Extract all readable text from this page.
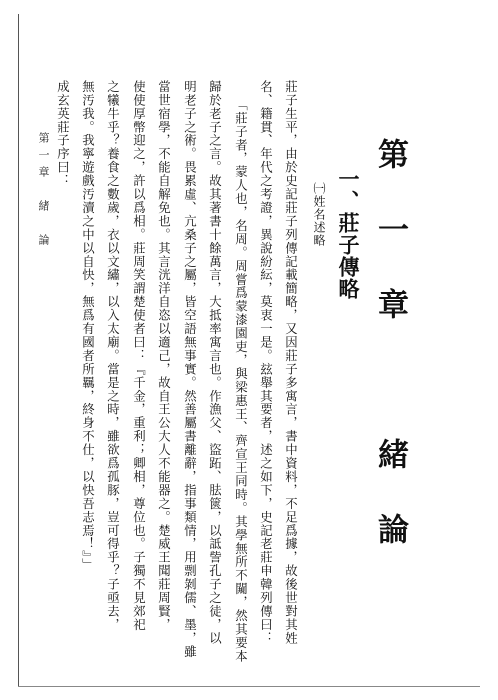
第一章　緒論
一、莊子傳略
㈠姓名述略
莊子生平，由於史記莊子列傳記載簡略，又因莊子多寓言，書中資料，不足爲據，故後世對其姓
名、籍貫、年代之考證，異說紛紜，莫衷一是。玆舉其要者，述之如下，史記老莊申韓列傳曰：
「莊子者，蒙人也，名周。周嘗爲蒙漆園吏，與梁惠王、齊宣王同時。其學無所不闚，然其要本
歸於老子之言。故其著書十餘萬言，大抵率寓言也。作漁父、盜跖、胠篋，以詆訾孔子之徒，以
明老子之術。畏累虛、亢桑子之屬，皆空語無事實。然善屬書離辭，指事類情，用剽剝儒、墨，雖
當世宿學，不能自解免也。其言洸洋自恣以適己，故自王公大人不能器之。楚威王聞莊周賢，
使使厚幣迎之，許以爲相。莊周笑謂楚使者曰：『千金，重利；卿相，尊位也。子獨不見郊祀
之犧牛乎？養食之數歲，衣以文繡，以入太廟。當是之時，雖欲爲孤豚，豈可得乎？子亟去，
無汚我。我寧遊戲汚瀆之中以自快，無爲有國者所羈，終身不仕，以快吾志焉！』」
成玄英莊子序曰：
第一章　緒　論
